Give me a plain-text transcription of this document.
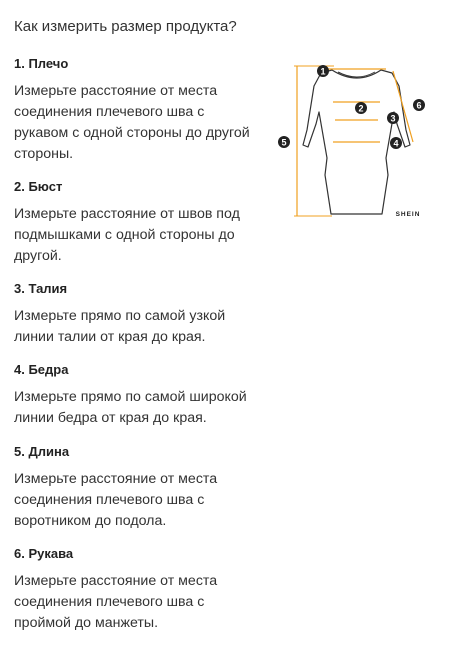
Как измерить размер продукта?
1. Плечо

Измерьте расстояние от места
соединения плечевого шва с
рукавом с одной стороны до другой
стороны.

2. Бюст

Измерьте расстояние от швов под
подмышками с одной стороны до
другой.

3. Талия

Измерьте прямо по самой узкой
линии талии от края до края.

4. Бедра

Измерьте прямо по самой широкой
линии бедра от края до края.

5. Длина

Измерьте расстояние от места
соединения плечевого шва с
воротником до подола.

6. Рукава

Измерьте расстояние от места
соединения плечевого шва с
проймой до манжеты.

1
2
3
4
5
6
SHEIN
